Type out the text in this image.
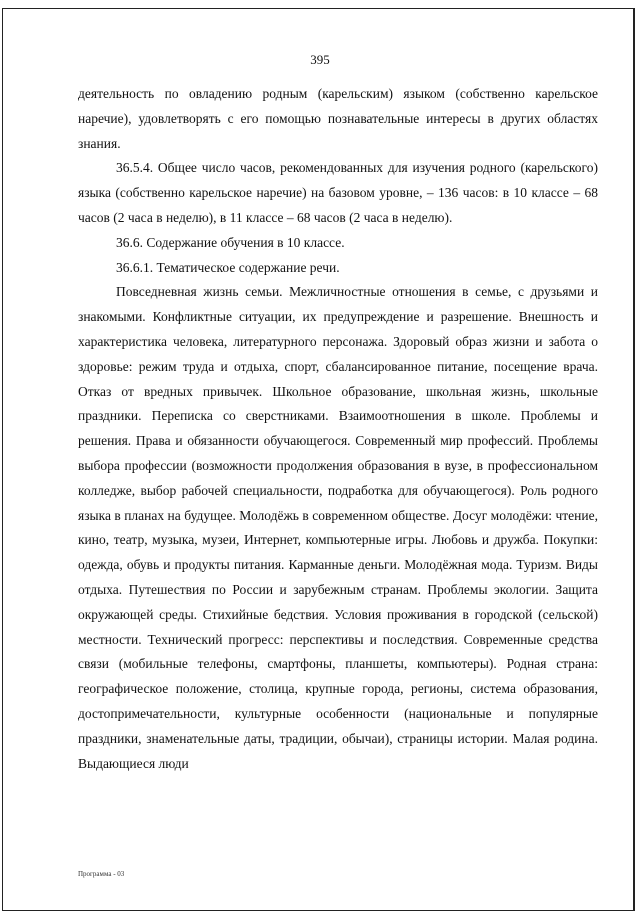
395

деятельность по овладению родным (карельским) языком (собственно карельское наречие), удовлетворять с его помощью познавательные интересы в других областях знания.

36.5.4. Общее число часов, рекомендованных для изучения родного (карельского) языка (собственно карельское наречие) на базовом уровне, – 136 часов: в 10 классе – 68 часов (2 часа в неделю), в 11 классе – 68 часов (2 часа в неделю).

36.6. Содержание обучения в 10 классе.

36.6.1. Тематическое содержание речи.

Повседневная жизнь семьи. Межличностные отношения в семье, с друзьями и знакомыми. Конфликтные ситуации, их предупреждение и разрешение. Внешность и характеристика человека, литературного персонажа. Здоровый образ жизни и забота о здоровье: режим труда и отдыха, спорт, сбалансированное питание, посещение врача. Отказ от вредных привычек. Школьное образование, школьная жизнь, школьные праздники. Переписка со сверстниками. Взаимоотношения в школе. Проблемы и решения. Права и обязанности обучающегося. Современный мир профессий. Проблемы выбора профессии (возможности продолжения образования в вузе, в профессиональном колледже, выбор рабочей специальности, подработка для обучающегося). Роль родного языка в планах на будущее. Молодёжь в современном обществе. Досуг молодёжи: чтение, кино, театр, музыка, музеи, Интернет, компьютерные игры. Любовь и дружба. Покупки: одежда, обувь и продукты питания. Карманные деньги. Молодёжная мода. Туризм. Виды отдыха. Путешествия по России и зарубежным странам. Проблемы экологии. Защита окружающей среды. Стихийные бедствия. Условия проживания в городской (сельской) местности. Технический прогресс: перспективы и последствия. Современные средства связи (мобильные телефоны, смартфоны, планшеты, компьютеры). Родная страна: географическое положение, столица, крупные города, регионы, система образования, достопримечательности, культурные особенности (национальные и популярные праздники, знаменательные даты, традиции, обычаи), страницы истории. Малая родина. Выдающиеся люди

Программа - 03
